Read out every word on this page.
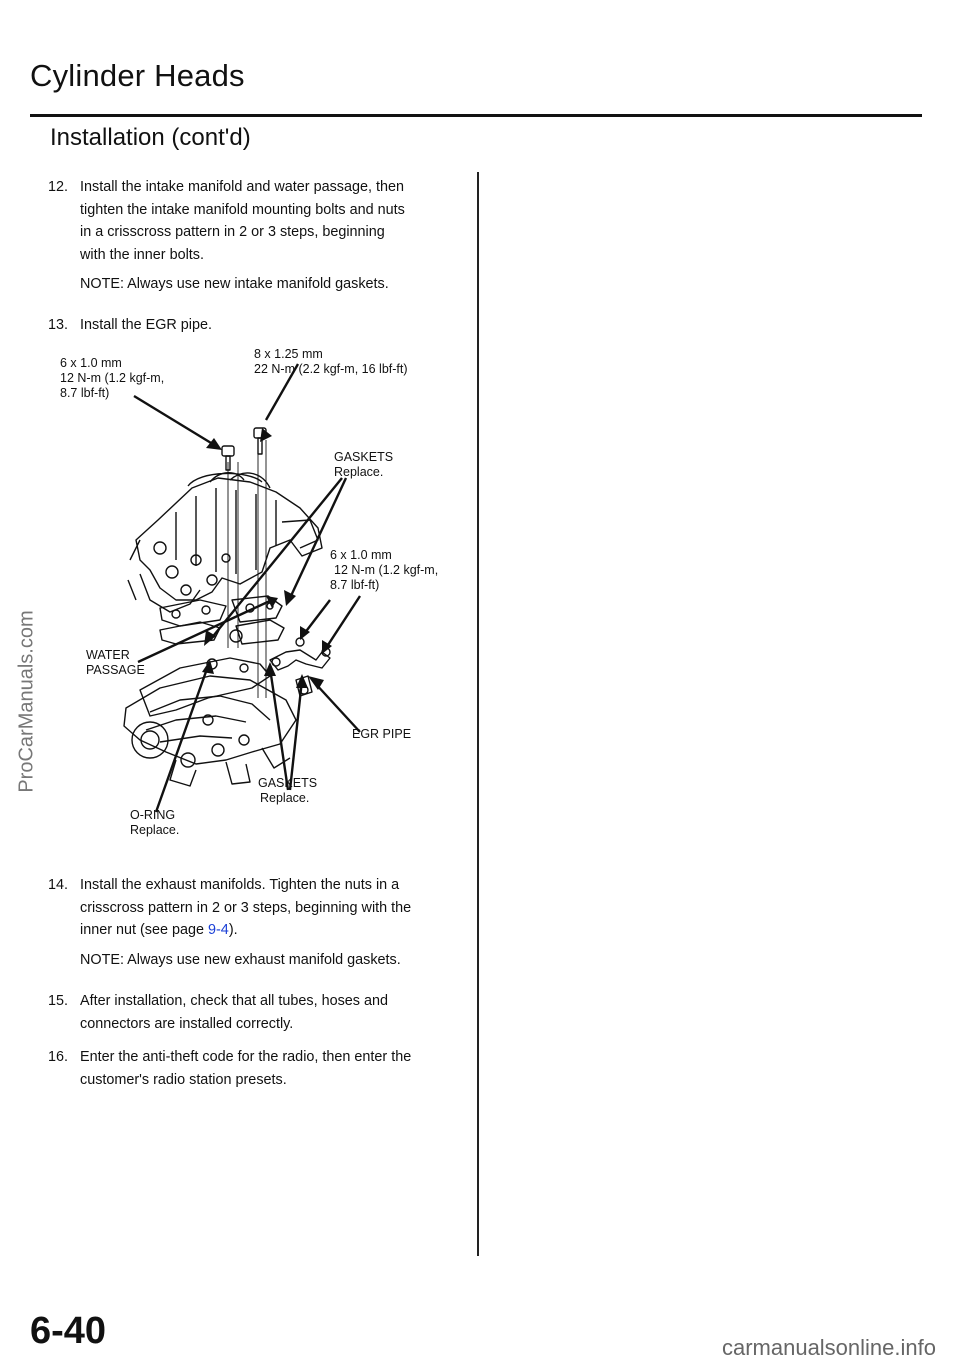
Cylinder Heads
Installation (cont'd)
12. Install the intake manifold and water passage, then
tighten the intake manifold mounting bolts and nuts
in a crisscross pattern in 2 or 3 steps, beginning
with the inner bolts.
NOTE: Always use new intake manifold gaskets.
13. Install the EGR pipe.
6 x 1.0 mm
12 N-m (1.2 kgf-m,
8.7 lbf-ft)
8 x 1.25 mm
22 N-m (2.2 kgf-m, 16 lbf-ft)
GASKETS
Replace.
6 x 1.0 mm
12 N-m (1.2 kgf-m,
8.7 lbf-ft)
WATER
PASSAGE
EGR PIPE
GASKETS
Replace.
O-RING
Replace.
14. Install the exhaust manifolds. Tighten the nuts in a
crisscross pattern in 2 or 3 steps, beginning with the
inner nut (see page 9-4).
NOTE: Always use new exhaust manifold gaskets.
15. After installation, check that all tubes, hoses and
connectors are installed correctly.
16. Enter the anti-theft code for the radio, then enter the
customer's radio station presets.
ProCarManuals.com
6-40	carmanualsonline.info
